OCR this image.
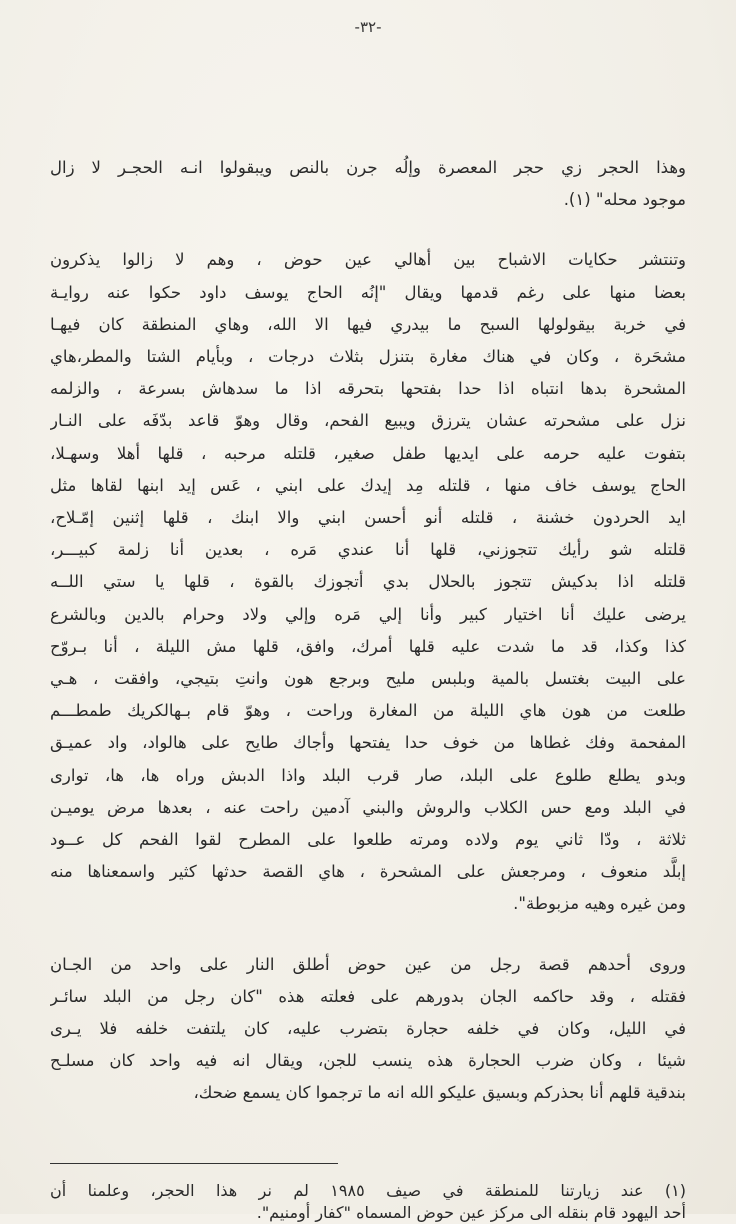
-٣٢-
وهذا الحجر زي حجر المعصرة وإلُه جرن بالنص ويبقولوا انـه الحجـر لا زال
موجود محله" (١).
وتنتشر حكايات الاشباح بين أهالي عين حوض ، وهم لا زالوا يذكرون
بعضا منها على رغم قدمها ويقال "إنُه الحاج يوسف داود حكوا عنه روايـة
في خربة بيقولولها السبح ما بيدري فيها الا الله، وهاي المنطقة كان فيهـا
مشحَرة ، وكان في هناك مغارة بتنزل بثلاث درجات ، وبأيام الشتا والمطر،هاي
المشحرة بدها انتباه اذا حدا بفتحها بتحرقه اذا ما سدهاش بسرعة ، والزلمه
نزل على مشحرته عشان يترزق ويبيع الفحم، وقال وهوّ قاعد بدّفَه على النـار
بتفوت عليه حرمه على ايديها طفل صغير، قلتله مرحبه ، قلها أهلا وسهـلا،
الحاج يوسف خاف منها ، قلتله مِد إيدك على ابني ، عَس إيد ابنها لقاها مثل
ايد الحردون خشنة ، قلتله أنو أحسن ابني والا ابنك ، قلها إثنين إمّـلاح،
قلتله شو رأيك تتجوزني، قلها أنا عندي مَره ، بعدين أنا زلمة كبيـــر،
قلتله اذا بدكيش تتجوز بالحلال بدي أتجوزك بالقوة ، قلها يا ستي اللــه
يرضى عليك أنا اختيار كبير وأنا إلي مَره وإلي ولاد وحرام بالدين وبالشرع
كذا وكذا، قد ما شدت عليه قلها أمرك، وافق، قلها مش الليلة ، أنا بـروّح
على البيت بغتسل بالمية وبلبس مليح وبرجع هون وانتِ بتيجي، وافقت ، هـي
طلعت من هون هاي الليلة من المغارة وراحت ، وهوّ قام بـهالكريك طمطـــم
المفحمة وفك غطاها من خوف حدا يفتحها وأجاك طايح على هالواد، واد عميـق
وبدو يطلع طلوع على البلد، صار قرب البلد واذا الدبش وراه ها، ها، توارى
في البلد ومع حس الكلاب والروش والبني آدمين راحت عنه ، بعدها مرض يوميـن
ثلاثة ، ودّا ثاني يوم ولاده ومرته طلعوا على المطرح لقوا الفحم كل عــود
إبلَّد منعوف ، ومرجعش على المشحرة ، هاي القصة حدثها كثير واسمعناها منه
ومن غيره وهيه مزبوطة".
وروى أحدهم قصة رجل من عين حوض أطلق النار على واحد من الجـان
فقتله ، وقد حاكمه الجان بدورهم على فعلته هذه "كان رجل من البلد سائـر
في الليل، وكان في خلفه حجارة بتضرب عليه، كان يلتفت خلفه فلا يـرى
شيئا ، وكان ضرب الحجارة هذه ينسب للجن، ويقال انه فيه واحد كان مسلـح
بندقية قلهم أنا بحذركم وبسيق عليكو الله انه ما ترجموا كان يسمع ضحك،
(١) عند زيارتنا للمنطقة في صيف ١٩٨٥ لم نر هذا الحجر، وعلمنا أن
أحد اليهود قام بنقله الى مركز عين حوض المسماه "كفار أومنيم".
